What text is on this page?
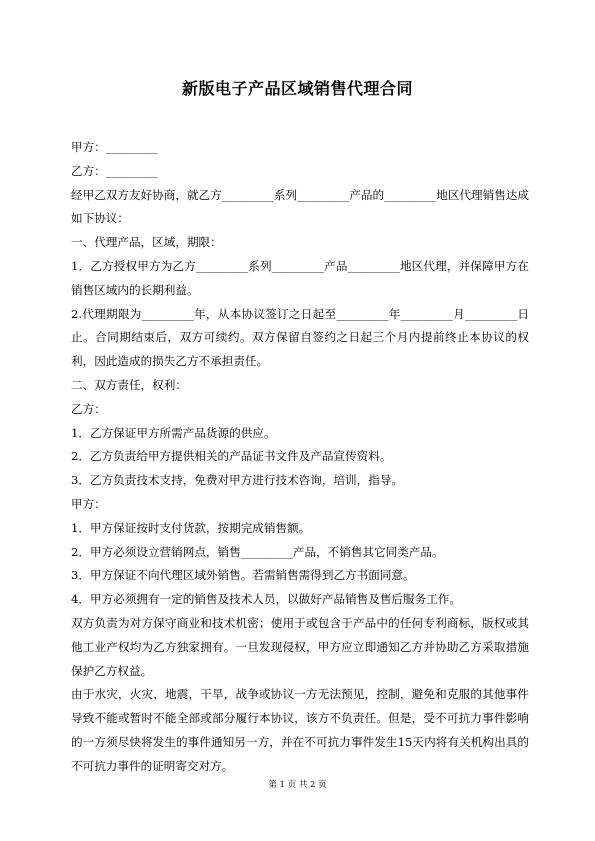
新版电子产品区域销售代理合同

甲方：_________

乙方：_________

经甲乙双方友好协商，就乙方_________系列_________产品的_________地区代理销售达成如下协议：

一、代理产品，区域，期限：

1．乙方授权甲方为乙方_________系列_________产品_________地区代理，并保障甲方在销售区域内的长期利益。

2.代理期限为_________年，从本协议签订之日起至_________年_________月_________日止。合同期结束后，双方可续约。双方保留自签约之日起三个月内提前终止本协议的权利，因此造成的损失乙方不承担责任。

二、双方责任，权利：

乙方：

1．乙方保证甲方所需产品货源的供应。

2．乙方负责给甲方提供相关的产品证书文件及产品宣传资料。

3．乙方负责技术支持，免费对甲方进行技术咨询，培训，指导。

甲方：

1．甲方保证按时支付货款，按期完成销售额。

2．甲方必须设立营销网点，销售_________产品，不销售其它同类产品。

3．甲方保证不向代理区域外销售。若需销售需得到乙方书面同意。

4．甲方必须拥有一定的销售及技术人员，以做好产品销售及售后服务工作。

双方负责为对方保守商业和技术机密；使用于或包含于产品中的任何专利商标，版权或其他工业产权均为乙方独家拥有。一旦发现侵权，甲方应立即通知乙方并协助乙方采取措施保护乙方权益。

由于水灾，火灾，地震，干旱，战争或协议一方无法预见，控制，避免和克服的其他事件导致不能或暂时不能全部或部分履行本协议，该方不负责任。但是，受不可抗力事件影响的一方须尽快将发生的事件通知另一方，并在不可抗力事件发生15天内将有关机构出具的不可抗力事件的证明寄交对方。

第 1 页 共 2 页
